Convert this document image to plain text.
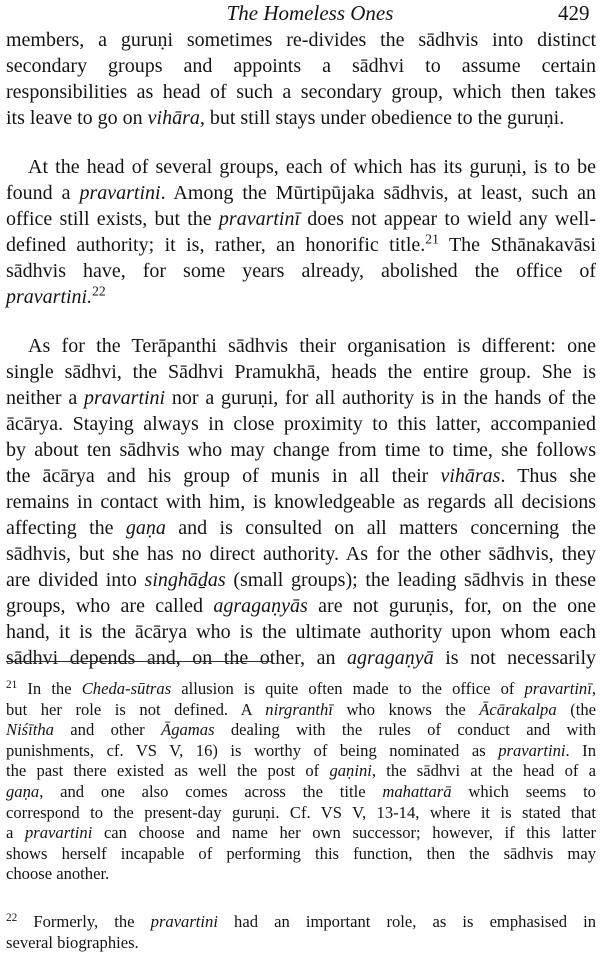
The Homeless Ones	429
members, a guruṇi sometimes re-divides the sādhvis into distinct
secondary groups and appoints a sādhvi to assume certain
responsibilities as head of such a secondary group, which then takes
its leave to go on vihāra, but still stays under obedience to the guruṇi.
At the head of several groups, each of which has its guruṇi, is to be
found a pravartini. Among the Mūrtipūjaka sādhvis, at least, such an
office still exists, but the pravartinī does not appear to wield any well-
defined authority; it is, rather, an honorific title.$^{21}$ The Sthānakavāsi
sādhvis have, for some years already, abolished the office of
pravartini.$^{22}$
As for the Terāpanthi sādhvis their organisation is different: one
single sādhvi, the Sādhvi Pramukhā, heads the entire group. She is
neither a pravartini nor a guruṇi, for all authority is in the hands of the
ācārya. Staying always in close proximity to this latter, accompanied
by about ten sādhvis who may change from time to time, she follows
the ācārya and his group of munis in all their vihāras. Thus she
remains in contact with him, is knowledgeable as regards all decisions
affecting the gaṇa and is consulted on all matters concerning the
sādhvis, but she has no direct authority. As for the other sādhvis, they
are divided into singhāḏas (small groups); the leading sādhvis in these
groups, who are called agragaṇyās are not guruṇis, for, on the one
hand, it is the ācārya who is the ultimate authority upon whom each
sādhvi depends and, on the other, an agragaṇyā is not necessarily
$^{21}$ In the Cheda-sūtras allusion is quite often made to the office of pravartinī,
but her role is not defined. A nirgranthī who knows the Ācārakalpa (the
Niśītha and other Āgamas dealing with the rules of conduct and with
punishments, cf. VS V, 16) is worthy of being nominated as pravartini. In
the past there existed as well the post of gaṇini, the sādhvi at the head of a
gaṇa, and one also comes across the title mahattarā which seems to
correspond to the present-day guruṇi. Cf. VS V, 13-14, where it is stated that
a pravartini can choose and name her own successor; however, if this latter
shows herself incapable of performing this function, then the sādhvis may
choose another.
$^{22}$ Formerly, the pravartini had an important role, as is emphasised in
several biographies.
